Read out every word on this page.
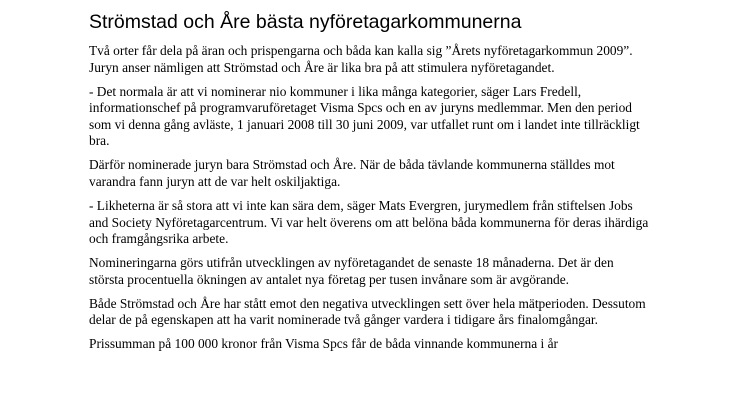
Strömstad och Åre bästa nyföretagarkommunerna

Två orter får dela på äran och prispengarna och båda kan kalla sig ”Årets nyföretagarkommun 2009”. Juryn anser nämligen att Strömstad och Åre är lika bra på att stimulera nyföretagandet.

- Det normala är att vi nominerar nio kommuner i lika många kategorier, säger Lars Fredell, informationschef på programvaruföretaget Visma Spcs och en av juryns medlemmar. Men den period som vi denna gång avläste, 1 januari 2008 till 30 juni 2009, var utfallet runt om i landet inte tillräckligt bra.

Därför nominerade juryn bara Strömstad och Åre. När de båda tävlande kommunerna ställdes mot varandra fann juryn att de var helt oskiljaktiga.

- Likheterna är så stora att vi inte kan sära dem, säger Mats Evergren, jurymedlem från stiftelsen Jobs and Society Nyföretagarcentrum. Vi var helt överens om att belöna båda kommunerna för deras ihärdiga och framgångsrika arbete.

Nomineringarna görs utifrån utvecklingen av nyföretagandet de senaste 18 månaderna. Det är den största procentuella ökningen av antalet nya företag per tusen invånare som är avgörande.

Både Strömstad och Åre har stått emot den negativa utvecklingen sett över hela mätperioden. Dessutom delar de på egenskapen att ha varit nominerade två gånger vardera i tidigare års finalomgångar.

Prissumman på 100 000 kronor från Visma Spcs får de båda vinnande kommunerna i år
